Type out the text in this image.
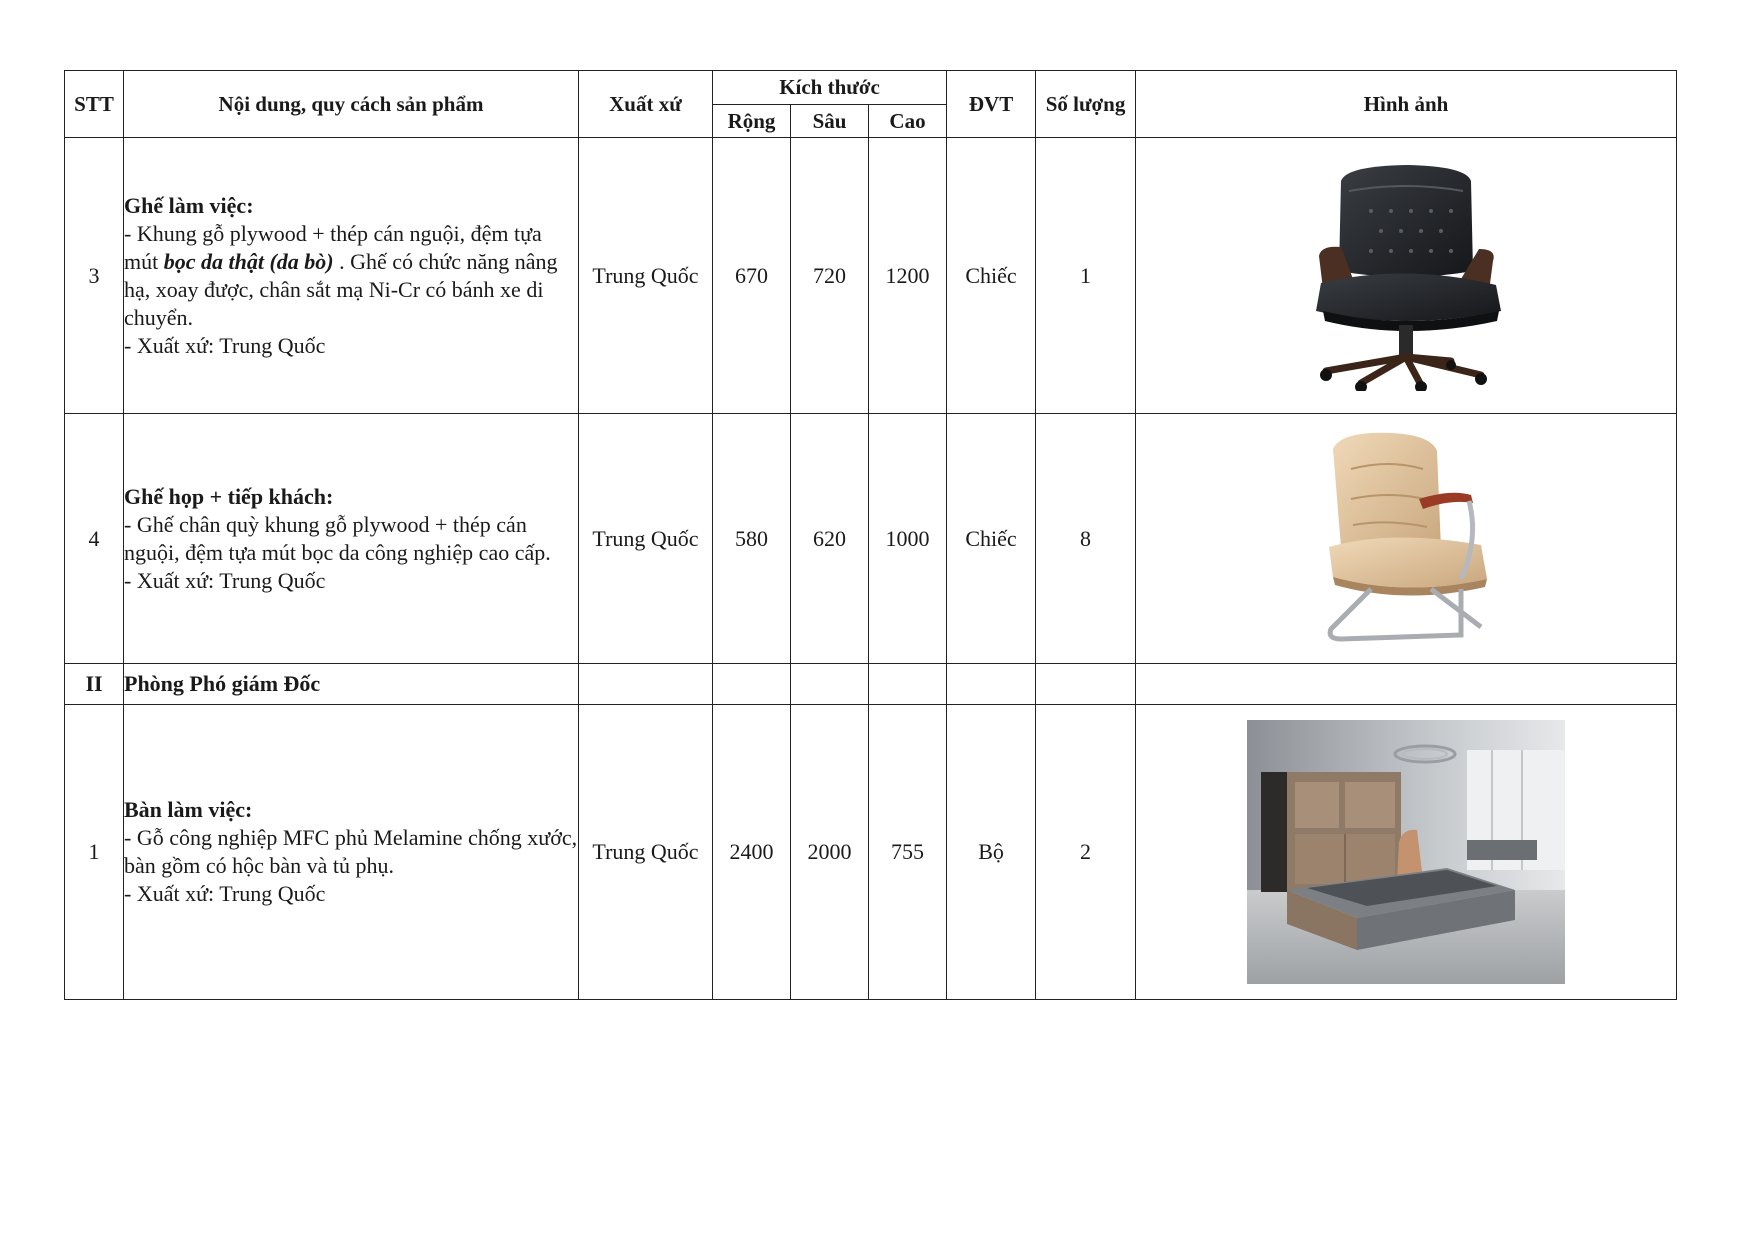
STT	Nội dung, quy cách sản phẩm	Xuất xứ	Kích thước			ĐVT	Số lượng	Hình ảnh
			Rộng	Sâu	Cao			
3	Ghế làm việc:
- Khung gỗ plywood + thép cán nguội, đệm tựa mút bọc da thật (da bò) . Ghế có chức năng nâng hạ, xoay được, chân sắt mạ Ni-Cr có bánh xe di chuyển.
- Xuất xứ: Trung Quốc	Trung Quốc	670	720	1200	Chiếc	1	

4	Ghế họp + tiếp khách:
- Ghế chân quỳ khung gỗ plywood + thép cán nguội, đệm tựa mút bọc da công nghiệp cao cấp.
- Xuất xứ: Trung Quốc	Trung Quốc	580	620	1000	Chiếc	8	

II	Phòng Phó giám Đốc							
1	Bàn làm việc:
- Gỗ công nghiệp MFC phủ Melamine chống xước, bàn gồm có hộc bàn và tủ phụ.
- Xuất xứ: Trung Quốc	Trung Quốc	2400	2000	755	Bộ	2	
